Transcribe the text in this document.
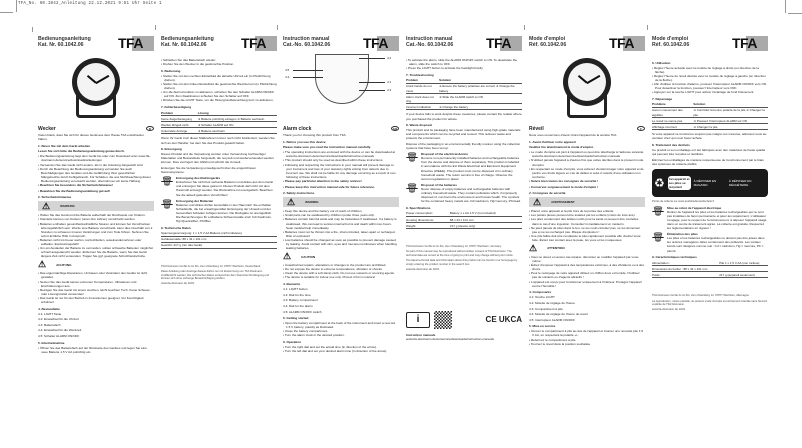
TFA_No. 60.1042_Anleitung 22.12.2021 9:51 Uhr Seite 1
Bedienungsanleitung
Kat. Nr. 60.1042.06	TFA
Wecker	D
Vielen Dank, dass Sie sich für dieses Gerät aus dem Hause TFA entschieden haben.
1. Bevor Sie mit dem Gerät arbeiten
Lesen Sie sich bitte die Bedienungsanleitung genau durch.
• Die Bedienungsanleitung liegt dem Gerät bei oder zum Download unter www.tfa-dostmann.de/service/downloads/anleitungen
• Verwenden Sie das Gerät nicht anders, als in der Anleitung dargestellt wird.
• Durch die Beachtung der Bedienungsanleitung vermeiden Sie auch Beschädigungen des Gerätes und die Gefährdung Ihrer gesetzlichen Mängelrechte durch Fehlgebrauch. Für Schäden, die aus Nichtbeachtung dieser Bedienungsanleitung verursacht werden, übernehmen wir keine Haftung.
• Beachten Sie besonders die Sicherheitshinweise!
• Bewahren Sie die Bedienungsanleitung gut auf!
2. Sicherheitshinweise
⚠	WARNUNG
• Halten Sie das Gerät und die Batterie außerhalb der Reichweite von Kindern.
• Kleinteile können von Kindern (unter drei Jahren) verschluckt werden.
• Batterien enthalten gesundheitsschädliche Säuren und können bei Verschlucken lebensgefährlich sein. Wurde eine Batterie verschluckt, kann dies innerhalb von 2 Stunden zu schweren inneren Verätzungen und zum Tode führen. Nehmen Sie sofort ärztliche Hilfe in Anspruch.
• Batterien nicht ins Feuer werfen, kurzschließen, auseinandernehmen oder aufladen. Explosionsgefahr!
• Um ein Auslaufen der Batterie zu vermeiden, sollten schwache Batterien möglichst schnell ausgetauscht werden. Entfernen Sie die Batterie, wenn Sie das Gerät längere Zeit nicht verwenden. Tragen Sie ggf. geeignete Schutzhandschuhe.
⚠	ACHTUNG
• Das eigenmächtige Reparieren, Umbauen oder Verändern des Geräts ist nicht gestattet.
• Setzen Sie das Gerät keinen extremen Temperaturen, Vibrationen und Erschütterungen aus.
• Reinigen Sie das Gerät mit einem weichen, leicht feuchten Tuch. Keine Scheuer- oder Lösungsmittel verwenden!
• Das Gerät ist nur für den Betrieb in Innenräumen geeignet. Vor Feuchtigkeit schützen!
4. Bestandteile
4.1: LIGHT Taste
4.2: Einstellrad für die Uhrzeit
4.3: Batteriefach
4.4: Einstellrad für die Weckzeit
4.5: Schalter ALARM ON/OFF
5. Inbetriebnahme
• Öffnen Sie das Batteriefach auf der Rückseite des Gerätes und legen Sie eine neue Batterie 1,5 V AA polrichtig ein.
Bedienungsanleitung
Kat. Nr. 60.1042.06	TFA
• Schließen Sie das Batteriefach wieder.
• Drehen Sie den Wecker in die gewünschte Position.
6. Bedienung
• Stellen Sie mit dem rechten Einstellrad die aktuelle Uhrzeit ein (in Pfeilrichtung drehen).
• Stellen Sie mit dem linken Einstellrad die gewünschte Weckzeit ein (in Pfeilrichtung drehen).
• Um die Alarm-Funktion zu aktivieren, schieben Sie den Schalter ALARM ON/OFF auf ON. Zum Deaktivieren schieben Sie den Schalter auf OFF.
• Drücken Sie die LIGHT Taste, um die Hintergrundbeleuchtung kurz zu aktivieren.
7. Fehlerbeseitigung
Problem	Lösung
Keine Zeigerbewegung	➜ Batterie polrichtig einlegen ➜ Batterie wechseln
Wecker klingelt nicht	➜ Schalter ALARM auf ON
Unkorrekte Anzeige	➜ Batterie wechseln
Wenn Ihr Gerät trotz dieser Maßnahmen immer noch nicht funktioniert, wenden Sie sich an den Händler, bei dem Sie das Produkt gekauft haben.
8. Entsorgung
Dieses Produkt und die Verpackung wurden unter Verwendung hochwertiger Materialien und Bestandteile hergestellt, die recycelt und wiederverwendet werden können. Dies verringert den Abfall und schützt die Umwelt.
Entsorgen Sie die Verpackung umweltgerecht über die eingerichteten Sammelsysteme.
🗑 Entsorgung des Elektrogeräts
Entnehmen Sie nicht fest verbaute Batterien und Akkus aus dem Gerät und entsorgen Sie diese getrennt. Dieses Produkt darf nicht mit dem Hausmüll entsorgt werden. Die Rücknahme ist unentgeltlich. Beachten Sie die aktuell geltenden Vorschriften!
🗑 Entsorgung der Batterien
Batterien und Akkus dürfen keinesfalls in den Hausmüll. Sie enthalten Schadstoffe, die bei unsachgemäßer Entsorgung der Umwelt und der Gesundheit Schaden zufügen können. Die Rückgabe ist unentgeltlich. Die Bezeichnungen für enthaltene Schwermetalle sind: Cd=Cadmium, Hg=Quecksilber, Pb=Blei.
9. Technische Daten
Spannungsversorgung: 1 x 1,5 V AA Batterie (nicht inklusive)
Gehäusemaße: 88 x 43 x 101 mm
Gewicht: 217 g (nur das Gerät)
TFA Dostmann GmbH & Co.KG, Zum Ottersberg 12, 97877 Wertheim, Deutschland
Diese Anleitung oder Auszüge daraus dürfen nur mit Zustimmung von TFA Dostmann veröffentlicht werden. Die technischen Daten entsprechen dem Stand bei Drucklegung und können sich ohne vorherige Benachrichtigung ändern.
www.tfa-dostmann.de 10/21
Instruction manual
Cat.-No. 60.1042.06	TFA
4.5
4.4
4.1
4.3
4.2
Alarm clock	GB
Thank you for choosing this product from TFA.
1. Before you use this device
Please make sure you read the instruction manual carefully.
• The operating instructions are enclosed with the device or can be downloaded at www.tfa-dostmann.de/en/service/downloads/instruction-manuals
• This product should only be used as described within these instructions.
• Following and respecting the instructions in your manual will prevent damage to your instrument and loss of your statutory rights arising from defects due to incorrect use. We shall not be liable for any damage occurring as a result of non-following of these instructions.
• Please pay particular attention to the safety notices!
• Please keep this instruction manual safe for future reference.
2. Safety instructions
⚠	WARNING
• Keep this device and the battery out of reach of children.
• Small parts can be swallowed by children (under three years old).
• Batteries contain harmful acids and may be hazardous if swallowed. If a battery is swallowed, this can lead to serious internal burns and death within two hours. Seek medical help immediately.
• Batteries must not be thrown into a fire, short-circuited, taken apart or recharged. Risk of explosion!
• Low batteries should be changed as soon as possible to prevent damage caused by leaking. Avoid contact with skin, eyes and mucous membranes when handling leaking batteries.
⚠	CAUTION
• Unauthorized repairs, alterations or changes to the product are prohibited.
• Do not expose the device to extreme temperatures, vibration or shocks.
• Clean the device with a soft damp cloth. Do not use solvents or scouring agents.
• The device is suitable for indoor use only. Protect it from moisture!
4. Elements
4.1: LIGHT button
4.2: Dial for the time
4.3: Battery compartment
4.4: Dial for the alarm
4.5: ALARM ON/OFF switch
5. Getting started
• Open the battery compartment at the back of the instrument and insert a new AA 1.5 V battery, polarity as illustrated.
• Close the battery compartment.
• Turn the alarm clock in the desired position.
6. Operation
• Turn the right dial and set the actual time (in direction of the arrow).
• Turn the left dial and set your desired alarm time (in direction of the arrow).
Instruction manual
Cat.-No. 60.1042.06	TFA
• To activate the alarm, slide the ALARM ON/OFF switch to ON. To deactivate the alarm, slide the switch to OFF.
• Press the LIGHT button to activate the backlight briefly.
7. Troubleshooting
Problem	Solution
Clock hands do not move	➜ Ensure the battery polarities are correct ➜ Change the battery
Alarm clock does not ring	➜ Slide the ALARM switch to ON
Incorrect indication	➜ Change the battery
If your device fails to work despite these measures, please contact the retailer where you purchased the product for advice.
8. Waste disposal
This product and its packaging have been manufactured using high-grade materials and components which can be recycled and reused. This reduces waste and protects the environment.
Dispose of the packaging in an environmentally friendly manner using the collection systems that have been set up.
🗑 Disposal of the electrical device
Remove non-permanently installed batteries and rechargeable batteries from the device and dispose of them separately. This product is labelled in accordance with the EU Waste Electrical and Electronic Equipment Directive (WEEE). This product must not be disposed of in ordinary household waste. The return service is free of charge. Observe the current regulations in place!
🗑 Disposal of the batteries
Never dispose of empty batteries and rechargeable batteries with ordinary household waste. They contain pollutants which, if improperly disposed of, can harm the environment and human health. The symbols for the contained heavy metals are: Cd=cadmium, Hg=mercury, Pb=lead.
9. Specifications
Power consumption:	Battery 1 x AA 1.5 V (not included)
Housing dimensions:	88 x 43 x 101 mm
Weight:	217 g (device only)
TFA Dostmann GmbH & Co.KG, Zum Ottersberg 12, 97877 Wertheim, Germany
No part of this manual may be reproduced without written consent of TFA Dostmann. The technical data are correct at the time of going to print and may change without prior notice.
The latest technical data and information about this product can be found in our homepage by simply entering the product number in the search box.
www.tfa-dostmann.de 10/21
i	CE UKCA
Instruction manuals
www.tfa-dostmann.de/en/service/downloads/instruction-manuals
Mode d'emploi
Réf. 60.1042.06	TFA
Réveil	F
Nous vous remercions d'avoir choisi l'appareil de la société TFA.
1. Avant d'utiliser votre appareil
Veuillez lire attentivement le mode d'emploi.
• Le mode d'emploi est joint à l'appareil ou peut être téléchargé à l'adresse suivante www.tfa-dostmann.de/en/service/downloads/instruction-manuals
• N'utilisez jamais l'appareil à d'autres fins que celles décrites dans le présent mode d'emploi.
• En respectant ce mode d'emploi, vous éviterez d'endommager votre appareil et de perdre vos droits légaux en cas de défaut si celui-ci résulte d'une utilisation non conforme.
• Suivre bien toutes les consignes de sécurité !
• Conservez soigneusement le mode d'emploi !
2. Consignes de sécurité
⚠	AVERTISSEMENT
• Placez votre appareil et la pile hors de la portée des enfants.
• Les petites pièces peuvent être avalées par les enfants (moins de trois ans).
• Les piles contiennent des acides nocifs pour la santé et peuvent être mortelles dans le cas d'une ingestion. Consultez immédiatement un médecin.
• Ne jetez jamais de piles dans le feu, ne les court-circuitez pas, ne les démontez pas et ne les rechargez pas. Risque d'explosion !
• Une pile faible doit être remplacée le plus rapidement possible afin d'éviter toute fuite. Évitez tout contact avec la peau, les yeux et les muqueuses.
⚠	ATTENTION
• Vous ne devez en aucun cas réparer, démonter ou modifier l'appareil par vous-même.
• Évitez d'exposer l'appareil à des températures extrêmes, à des vibrations ou à des chocs.
• Pour le nettoyage de votre appareil utilisez un chiffon doux et humide. N'utilisez pas de solvants ou d'agents abrasifs !
• L'appareil est conçu pour fonctionner uniquement à l'intérieur. Protégez l'appareil contre l'humidité !
4. Composants
4.1: Touche LIGHT
4.2: Molette de réglage de l'heure
4.3: Compartiment à pile
4.4: Molette de réglage de l'heure de réveil
4.5: Interrupteur ALARM ON/OFF
5. Mise en service
• Ouvrez le compartiment à pile au dos de l'appareil et insérez une nouvelle pile 1,5 V AA, en respectant la polarité +/-.
• Refermez le compartiment à pile.
• Tournez le réveil dans la position souhaitée.
Mode d'emploi
Réf. 60.1042.06	TFA
6. Utilisation
• Réglez l'heure actuelle avec la molette de réglage à droite (en direction de la flèche).
• Réglez l'heure de réveil désirée avec la molette de réglage à gauche (en direction de la flèche).
• Afin d'utiliser la fonction d'alarme, poussez l'interrupteur ALARM ON/OFF vers ON. Pour désactiver la fonction, poussez l'interrupteur vers OFF.
• Appuyez sur la touche LIGHT pour activer l'éclairage de fond brièvement.
7. Dépannage
Problème	Solution
Aucun mouvement des aiguilles	➜ Contrôlez la bonne polarité de la pile ➜ Changez la pile
Le réveil ne sonne pas	➜ Poussez l'interrupteur ALARM sur ON
Affichage incorrect	➜ Changez la pile
Si votre appareil ne fonctionne toujours pas malgré ces mesures, adressez-vous au vendeur chez qui vous l'avez acheté.
8. Traitement des déchets
Ce produit et son emballage ont été fabriqués avec des matériaux de haute qualité qui peuvent être recyclés et réutilisés.
Éliminez les emballages de manière respectueuse de l'environnement par le biais des systèmes de collecte établis.
♻	Cet appareil et ces piles se recyclent
À DÉPOSER EN MAGASIN
À DÉPOSER EN DÉCHÈTERIE
Points de collecte sur www.quefairedemesdechets.fr
🗑 Mise au rebut de l'appareil électrique
Retirez de l'appareil les piles et les batteries rechargeables qui ne sont pas installées de façon permanente et jetez-les séparément. L'utilisateur s'engage, pour le respect de l'environnement, à déposer l'appareil usagé dans un centre de traitement agréé. La collecte est gratuite. Respectez les réglementations en vigueur !
🗑 Élimination des piles
Les piles et les batteries rechargeables ne doivent pas être jetées dans les ordures ménagères. Elles contiennent des polluants. Les métaux lourds sont désignés comme suit : Cd = cadmium, Hg = mercure, Pb = plomb.
9. Caractéristiques techniques
Alimentation :	Pile 1 x 1,5 V AA (non incluse)
Dimensions du boîtier : 88 x 43 x 101 mm	
Poids :	217 g (appareil seulement)
TFA Dostmann GmbH & Co.KG, Zum Ottersberg 12, 97877 Wertheim, Allemagne
La reproduction, même partielle, du présent mode d'emploi est strictement interdite sans l'accord explicite de TFA Dostmann.
www.tfa-dostmann.de 10/21
